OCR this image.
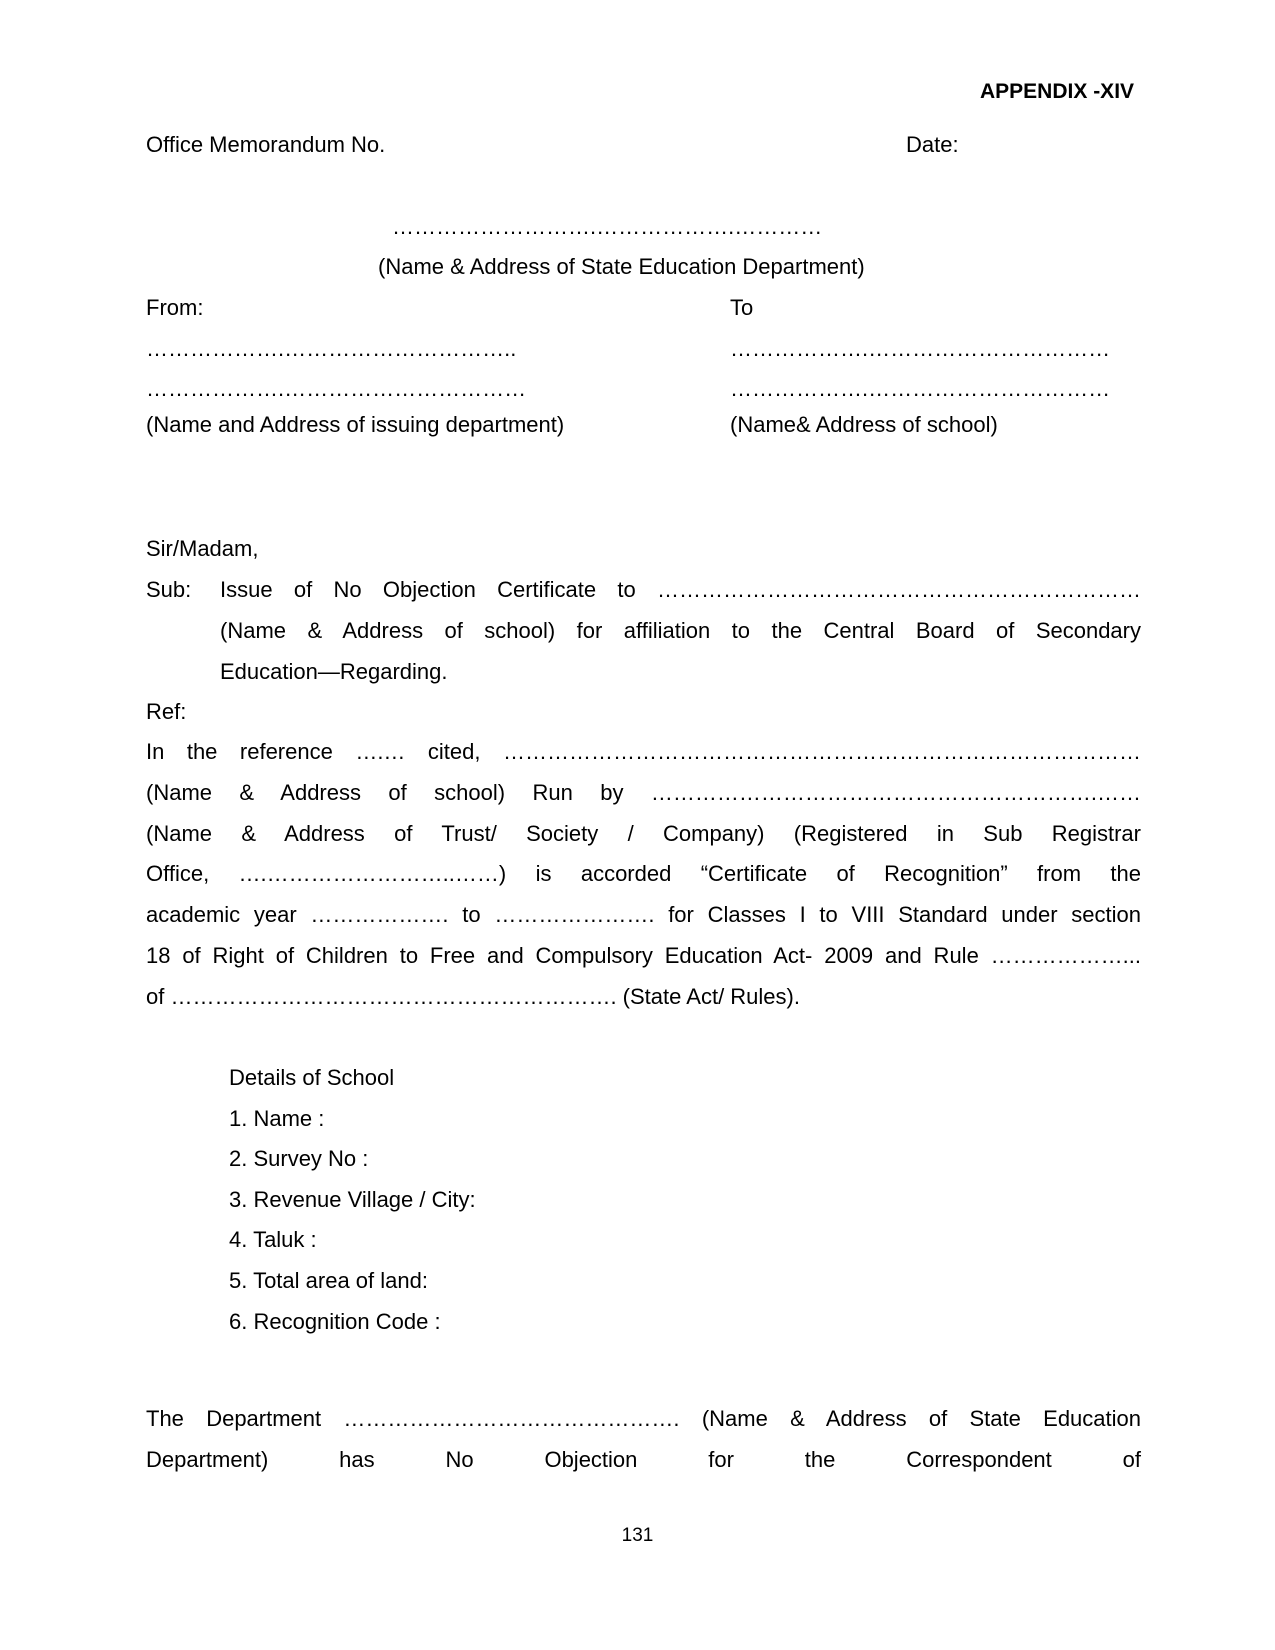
APPENDIX -XIV
Office Memorandum No.	Date:
……………………….……………….…………
(Name & Address of State Education Department)
From:
……………….…………………………..
……………….……………………………
(Name and Address of issuing department)
To
……………….……………………………
……………….……………………………
(Name& Address of school)
Sir/Madam,
Sub: Issue of No Objection Certificate to …………………………………………………………
(Name & Address of school) for affiliation to the Central Board of Secondary
Education—Regarding.
Ref:
In the reference ….… cited, ……………………………………………………………………………
(Name & Address of school) Run by …………………………………………………….……
(Name & Address of Trust/ Society / Company) (Registered in Sub Registrar
Office, ….……………………..……) is accorded “Certificate of Recognition” from the
academic year ………………. to …………………. for Classes I to VIII Standard under section
18 of Right of Children to Free and Compulsory Education Act- 2009 and Rule ………………...
of ……………………………………………………. (State Act/ Rules).
Details of School
1. Name :
2. Survey No :
3. Revenue Village / City:
4. Taluk :
5. Total area of land:
6. Recognition Code :
The Department ………………………………………. (Name & Address of State Education
Department) has No Objection for the Correspondent of
131
